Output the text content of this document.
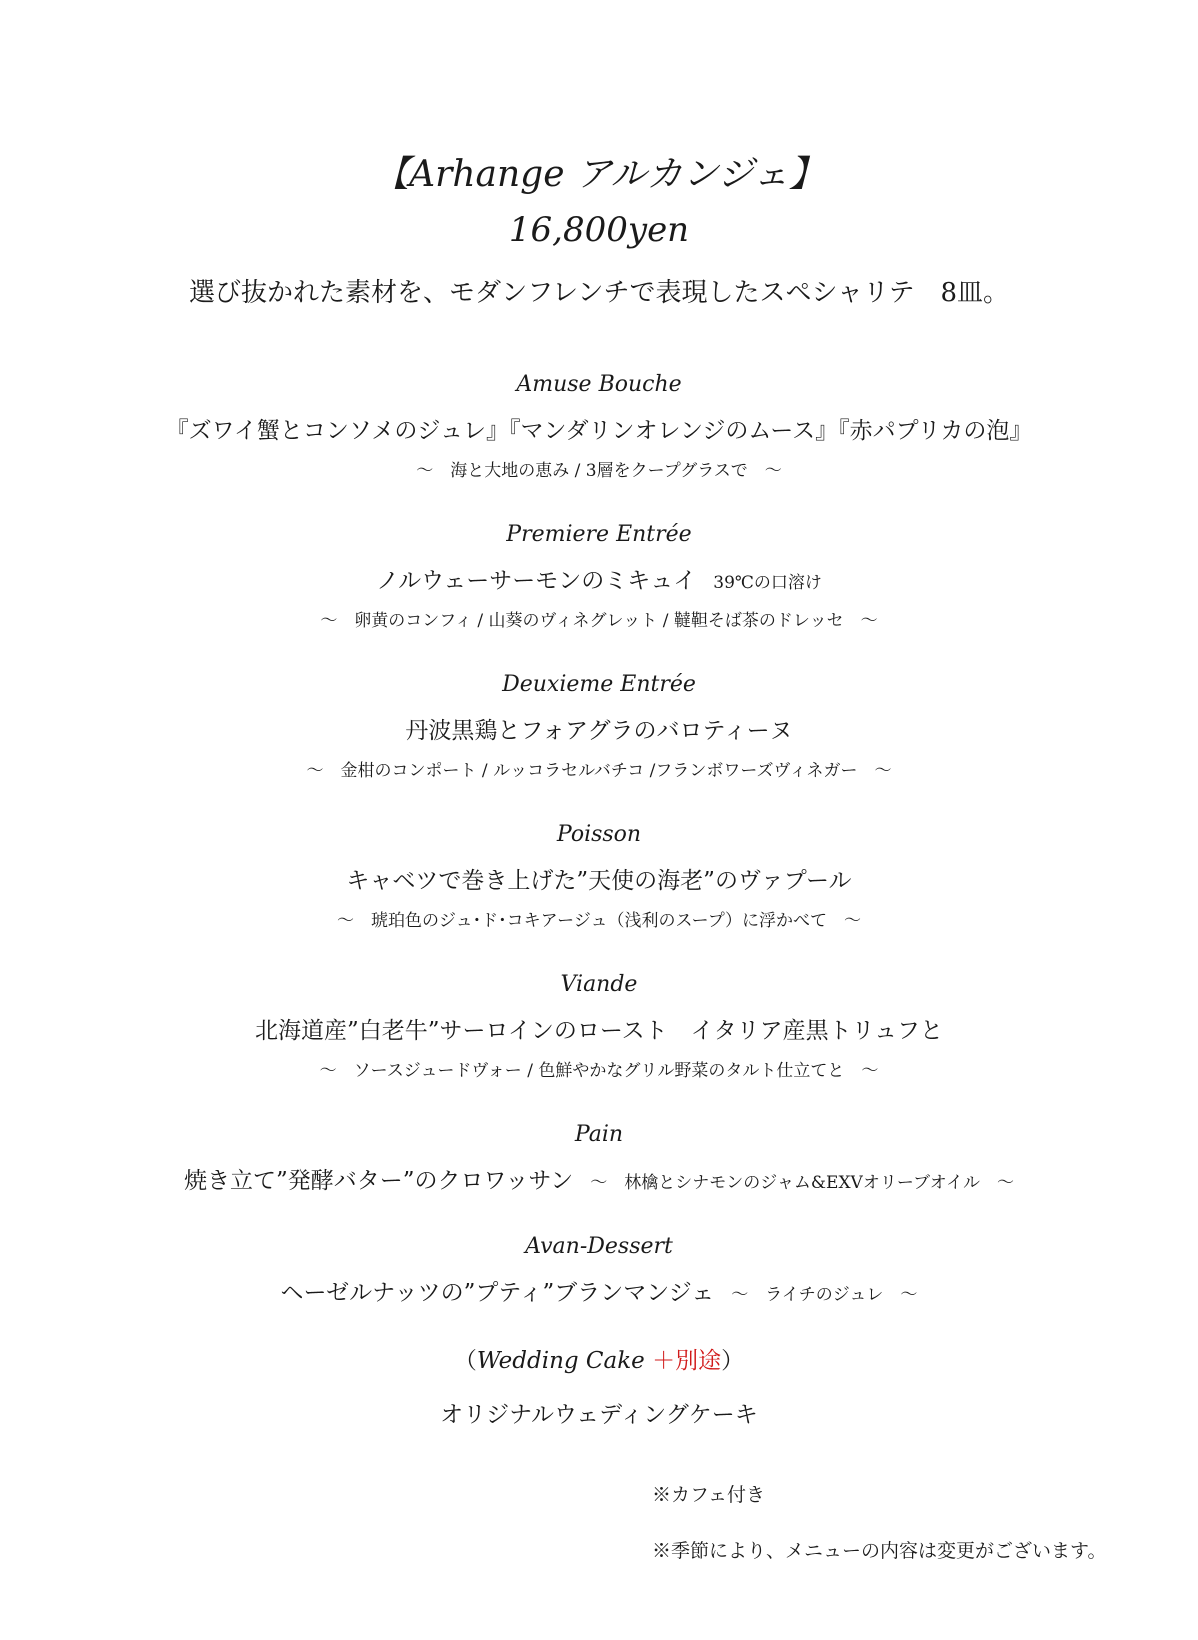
【Arhange アルカンジェ】
16,800yen
選び抜かれた素材を、モダンフレンチで表現したスペシャリテ　8皿。
Amuse Bouche
『ズワイ蟹とコンソメのジュレ』『マンダリンオレンジのムース』『赤パプリカの泡』
～　海と大地の恵み / 3層をクープグラスで　～
Premiere Entrée
ノルウェーサーモンのミキュイ　39℃の口溶け
～　卵黄のコンフィ / 山葵のヴィネグレット / 韃靼そば茶のドレッセ　～
Deuxieme Entrée
丹波黒鶏とフォアグラのバロティーヌ
～　金柑のコンポート / ルッコラセルバチコ /フランボワーズヴィネガー　～
Poisson
キャベツで巻き上げた”天使の海老”のヴァプール
～　琥珀色のジュ･ド･コキアージュ（浅利のスープ）に浮かべて　～
Viande
北海道産”白老牛”サーロインのロースト　イタリア産黒トリュフと
～　ソースジュードヴォー / 色鮮やかなグリル野菜のタルト仕立てと　～
Pain
焼き立て”発酵バター”のクロワッサン　～　林檎とシナモンのジャム&EXVオリーブオイル　～
Avan-Dessert
ヘーゼルナッツの”プティ”ブランマンジェ　～　ライチのジュレ　～
（Wedding Cake ＋別途）
オリジナルウェディングケーキ
※カフェ付き
※季節により、メニューの内容は変更がございます。
